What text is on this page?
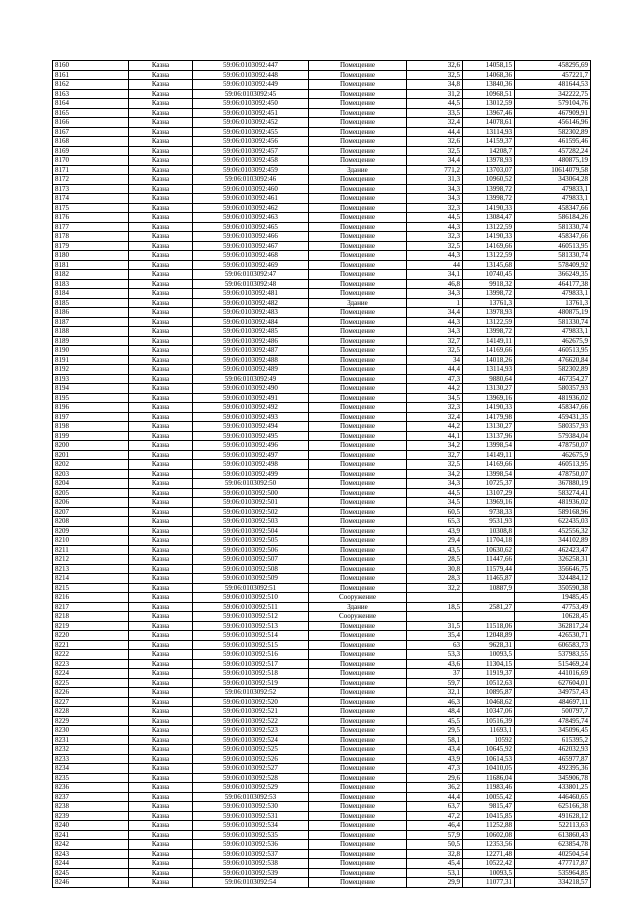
8160	Казна	59:06:0103092:447	Помещение	32,6	14058,15	458295,69
8161	Казна	59:06:0103092:448	Помещение	32,5	14068,36	457221,7
8162	Казна	59:06:0103092:449	Помещение	34,8	13840,36	481644,53
8163	Казна	59:06:0103092:45	Помещение	31,2	10968,51	342222,75
8164	Казна	59:06:0103092:450	Помещение	44,5	13012,59	579104,76
8165	Казна	59:06:0103092:451	Помещение	33,5	13967,46	467909,91
8166	Казна	59:06:0103092:452	Помещение	32,4	14078,61	456146,96
8167	Казна	59:06:0103092:455	Помещение	44,4	13114,93	582302,89
8168	Казна	59:06:0103092:456	Помещение	32,6	14159,37	461595,46
8169	Казна	59:06:0103092:457	Помещение	32,5	14208,7	457282,24
8170	Казна	59:06:0103092:458	Помещение	34,4	13978,93	480875,19
8171	Казна	59:06:0103092:459	Здание	771,2	13703,07	10614079,58
8172	Казна	59:06:0103092:46	Помещение	31,3	10960,52	343064,28
8173	Казна	59:06:0103092:460	Помещение	34,3	13998,72	479833,1
8174	Казна	59:06:0103092:461	Помещение	34,3	13998,72	479833,1
8175	Казна	59:06:0103092:462	Помещение	32,3	14190,33	458347,66
8176	Казна	59:06:0103092:463	Помещение	44,5	13084,47	586184,26
8177	Казна	59:06:0103092:465	Помещение	44,3	13122,59	581330,74
8178	Казна	59:06:0103092:466	Помещение	32,3	14190,33	458347,66
8179	Казна	59:06:0103092:467	Помещение	32,5	14169,66	460513,95
8180	Казна	59:06:0103092:468	Помещение	44,3	13122,59	581330,74
8181	Казна	59:06:0103092:469	Помещение	44	13145,68	578409,92
8182	Казна	59:06:0103092:47	Помещение	34,1	10740,45	366249,35
8183	Казна	59:06:0103092:48	Помещение	46,8	9918,32	464177,38
8184	Казна	59:06:0103092:481	Помещение	34,3	13998,72	479833,1
8185	Казна	59:06:0103092:482	Здание	1	13761,3	13761,3
8186	Казна	59:06:0103092:483	Помещение	34,4	13978,93	480875,19
8187	Казна	59:06:0103092:484	Помещение	44,3	13122,59	581330,74
8188	Казна	59:06:0103092:485	Помещение	34,3	13998,72	479833,1
8189	Казна	59:06:0103092:486	Помещение	32,7	14149,11	462675,9
8190	Казна	59:06:0103092:487	Помещение	32,5	14169,66	460513,95
8191	Казна	59:06:0103092:488	Помещение	34	14018,26	476620,84
8192	Казна	59:06:0103092:489	Помещение	44,4	13114,93	582302,89
8193	Казна	59:06:0103092:49	Помещение	47,3	9880,64	467354,27
8194	Казна	59:06:0103092:490	Помещение	44,2	13130,27	580357,93
8195	Казна	59:06:0103092:491	Помещение	34,5	13969,16	481936,02
8196	Казна	59:06:0103092:492	Помещение	32,3	14190,33	458347,66
8197	Казна	59:06:0103092:493	Помещение	32,4	14179,98	459431,35
8198	Казна	59:06:0103092:494	Помещение	44,2	13130,27	580357,93
8199	Казна	59:06:0103092:495	Помещение	44,1	13137,96	579384,04
8200	Казна	59:06:0103092:496	Помещение	34,2	13998,54	478750,07
8201	Казна	59:06:0103092:497	Помещение	32,7	14149,11	462675,9
8202	Казна	59:06:0103092:498	Помещение	32,5	14169,66	460513,95
8203	Казна	59:06:0103092:499	Помещение	34,2	13998,54	478750,07
8204	Казна	59:06:0103092:50	Помещение	34,3	10725,37	367880,19
8205	Казна	59:06:0103092:500	Помещение	44,5	13107,29	583274,41
8206	Казна	59:06:0103092:501	Помещение	34,5	13969,16	481936,02
8207	Казна	59:06:0103092:502	Помещение	60,5	9738,33	589168,96
8208	Казна	59:06:0103092:503	Помещение	65,3	9531,93	622435,03
8209	Казна	59:06:0103092:504	Помещение	43,9	10308,8	452556,32
8210	Казна	59:06:0103092:505	Помещение	29,4	11704,18	344102,89
8211	Казна	59:06:0103092:506	Помещение	43,5	10630,62	462423,47
8212	Казна	59:06:0103092:507	Помещение	28,5	11447,66	326258,31
8213	Казна	59:06:0103092:508	Помещение	30,8	11579,44	356646,75
8214	Казна	59:06:0103092:509	Помещение	28,3	11465,87	324484,12
8215	Казна	59:06:0103092:51	Помещение	32,2	10887,9	350590,38
8216	Казна	59:06:0103092:510	Сооружение			19485,45
8217	Казна	59:06:0103092:511	Здание	18,5	2581,27	47753,49
8218	Казна	59:06:0103092:512	Сооружение			10628,45
8219	Казна	59:06:0103092:513	Помещение	31,5	11518,06	362817,24
8220	Казна	59:06:0103092:514	Помещение	35,4	12048,89	426530,71
8221	Казна	59:06:0103092:515	Помещение	63	9628,31	606583,73
8222	Казна	59:06:0103092:516	Помещение	53,3	10093,5	537983,55
8223	Казна	59:06:0103092:517	Помещение	43,6	11304,15	515469,24
8224	Казна	59:06:0103092:518	Помещение	37	11919,37	441016,69
8225	Казна	59:06:0103092:519	Помещение	59,7	10512,63	627604,01
8226	Казна	59:06:0103092:52	Помещение	32,1	10895,87	349757,43
8227	Казна	59:06:0103092:520	Помещение	46,3	10468,62	484697,11
8228	Казна	59:06:0103092:521	Помещение	48,4	10347,06	500797,7
8229	Казна	59:06:0103092:522	Помещение	45,5	10516,39	478495,74
8230	Казна	59:06:0103092:523	Помещение	29,5	11693,1	345096,45
8231	Казна	59:06:0103092:524	Помещение	58,1	10592	615395,2
8232	Казна	59:06:0103092:525	Помещение	43,4	10645,92	462032,93
8233	Казна	59:06:0103092:526	Помещение	43,9	10614,53	465977,87
8234	Казна	59:06:0103092:527	Помещение	47,3	10410,05	492395,36
8235	Казна	59:06:0103092:528	Помещение	29,6	11686,04	345906,78
8236	Казна	59:06:0103092:529	Помещение	36,2	11983,46	433801,25
8237	Казна	59:06:0103092:53	Помещение	44,4	10055,42	446460,65
8238	Казна	59:06:0103092:530	Помещение	63,7	9815,47	625166,38
8239	Казна	59:06:0103092:531	Помещение	47,2	10415,85	491628,12
8240	Казна	59:06:0103092:534	Помещение	46,4	11252,88	522113,63
8241	Казна	59:06:0103092:535	Помещение	57,9	10602,08	613860,43
8242	Казна	59:06:0103092:536	Помещение	50,5	12353,56	623854,78
8243	Казна	59:06:0103092:537	Помещение	32,8	12271,48	402504,54
8244	Казна	59:06:0103092:538	Помещение	45,4	10522,42	477717,87
8245	Казна	59:06:0103092:539	Помещение	53,1	10093,5	535964,85
8246	Казна	59:06:0103092:54	Помещение	29,9	11077,31	334218,57
